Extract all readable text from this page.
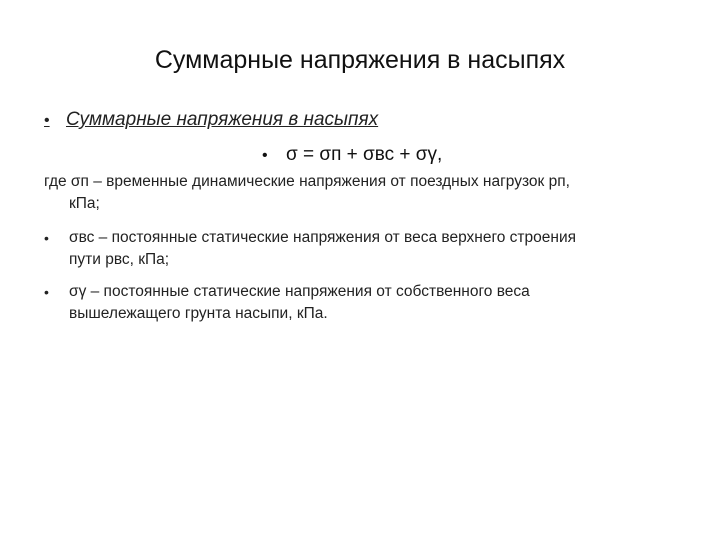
Суммарные напряжения в насыпях
• Суммарные напряжения в насыпях
• σ = σп + σвс + σγ,
где σп – временные динамические напряжения от поездных нагрузок рп,
кПа;
•	σвс – постоянные статические напряжения от веса верхнего строения
пути рвс, кПа;
•	σγ – постоянные статические напряжения от собственного веса
вышележащего грунта насыпи, кПа.
